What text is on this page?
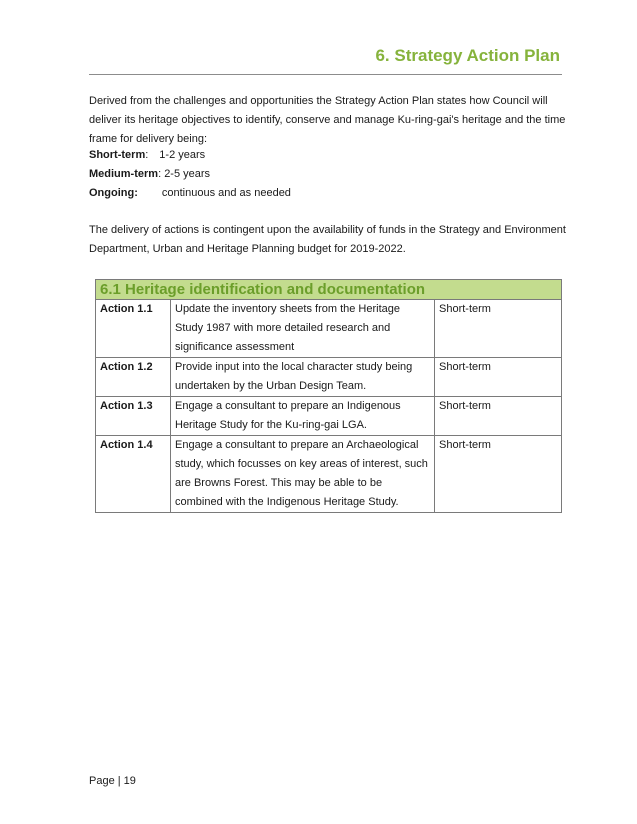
6. Strategy Action Plan
Derived from the challenges and opportunities the Strategy Action Plan states how Council will deliver its heritage objectives to identify, conserve and manage Ku-ring-gai's heritage and the time frame for delivery being:
Short-term : 1-2 years
Medium-term : 2-5 years
Ongoing: continuous and as needed
The delivery of actions is contingent upon the availability of funds in the Strategy and Environment Department, Urban and Heritage Planning budget for 2019-2022.
6.1 Heritage identification and documentation		
Action 1.1	Update the inventory sheets from the Heritage Study 1987 with more detailed research and significance assessment	Short-term
Action 1.2	Provide input into the local character study being undertaken by the Urban Design Team.	Short-term
Action 1.3	Engage a consultant to prepare an Indigenous Heritage Study for the Ku-ring-gai LGA.	Short-term
Action 1.4	Engage a consultant to prepare an Archaeological study, which focusses on key areas of interest, such are Browns Forest. This may be able to be combined with the Indigenous Heritage Study.	Short-term
Page | 19
